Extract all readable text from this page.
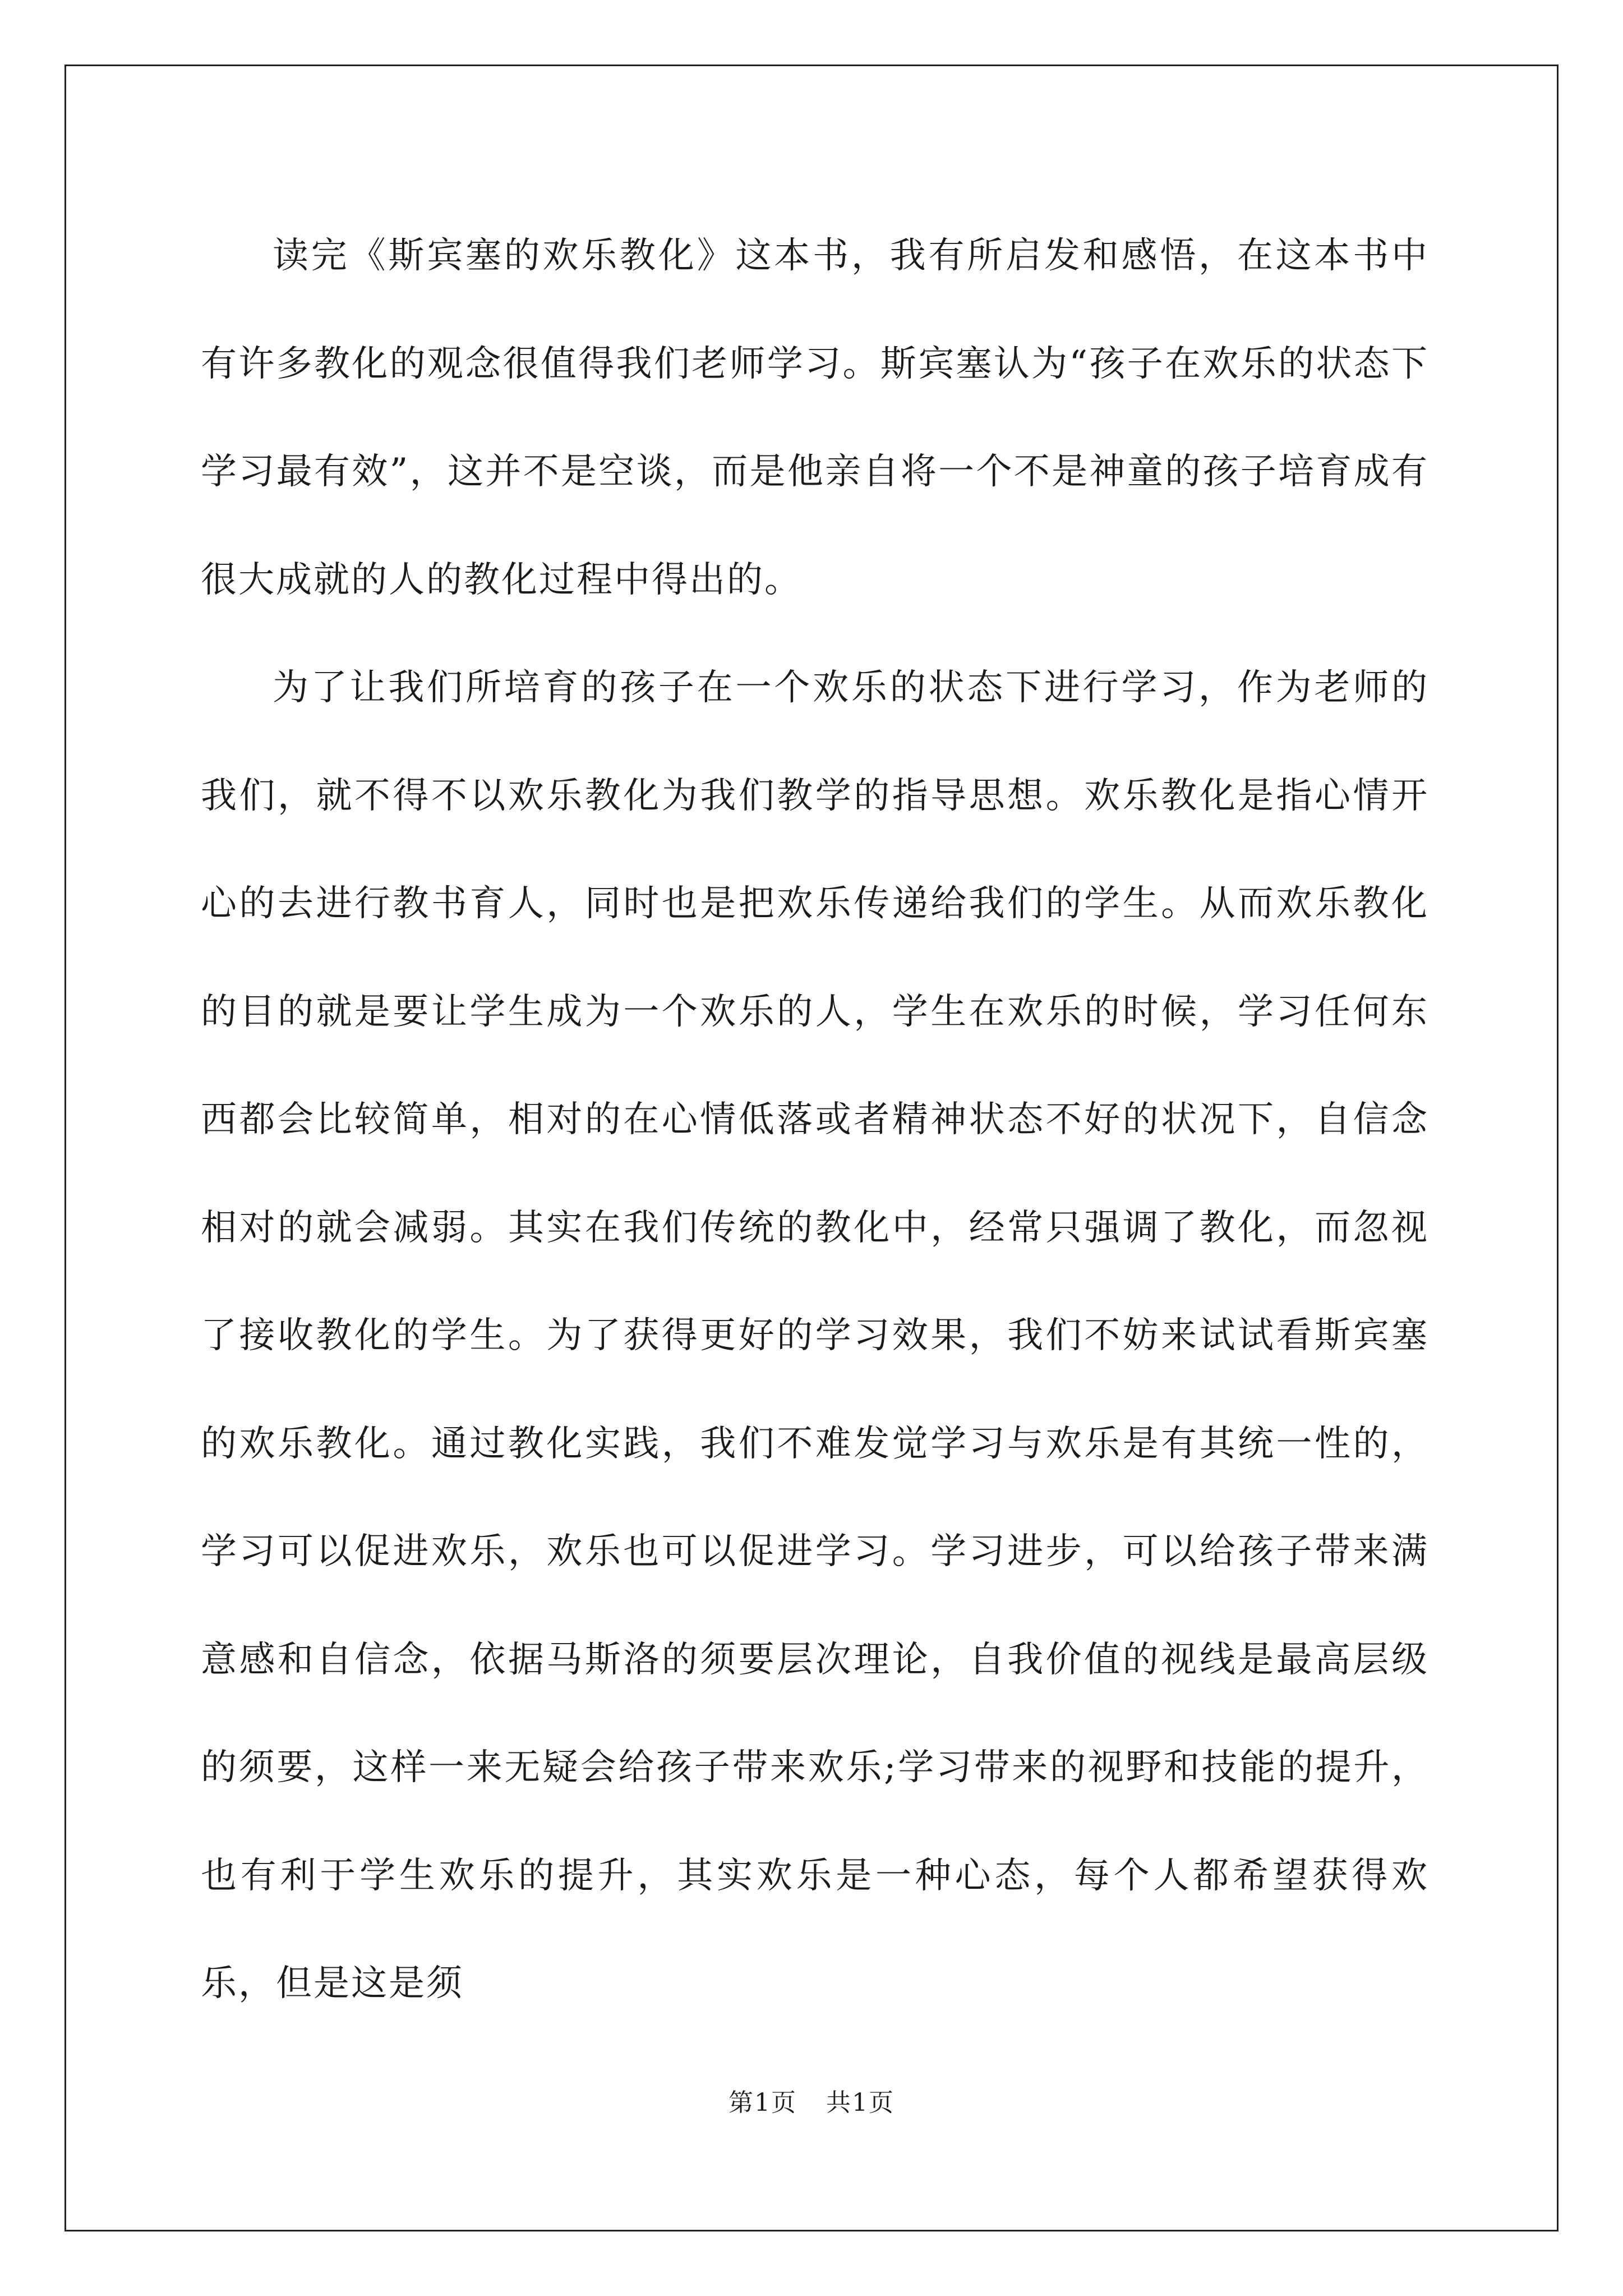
读完《斯宾塞的欢乐教化》这本书，我有所启发和感悟，在这本书中有许多教化的观念很值得我们老师学习。斯宾塞认为“孩子在欢乐的状态下学习最有效”，这并不是空谈，而是他亲自将一个不是神童的孩子培育成有很大成就的人的教化过程中得出的。

为了让我们所培育的孩子在一个欢乐的状态下进行学习，作为老师的我们，就不得不以欢乐教化为我们教学的指导思想。欢乐教化是指心情开心的去进行教书育人，同时也是把欢乐传递给我们的学生。从而欢乐教化的目的就是要让学生成为一个欢乐的人，学生在欢乐的时候，学习任何东西都会比较简单，相对的在心情低落或者精神状态不好的状况下，自信念相对的就会减弱。其实在我们传统的教化中，经常只强调了教化，而忽视了接收教化的学生。为了获得更好的学习效果，我们不妨来试试看斯宾塞的欢乐教化。通过教化实践，我们不难发觉学习与欢乐是有其统一性的，学习可以促进欢乐，欢乐也可以促进学习。学习进步，可以给孩子带来满意感和自信念，依据马斯洛的须要层次理论，自我价值的视线是最高层级的须要，这样一来无疑会给孩子带来欢乐;学习带来的视野和技能的提升，也有利于学生欢乐的提升，其实欢乐是一种心态，每个人都希望获得欢乐，但是这是须

第1页 共1页
